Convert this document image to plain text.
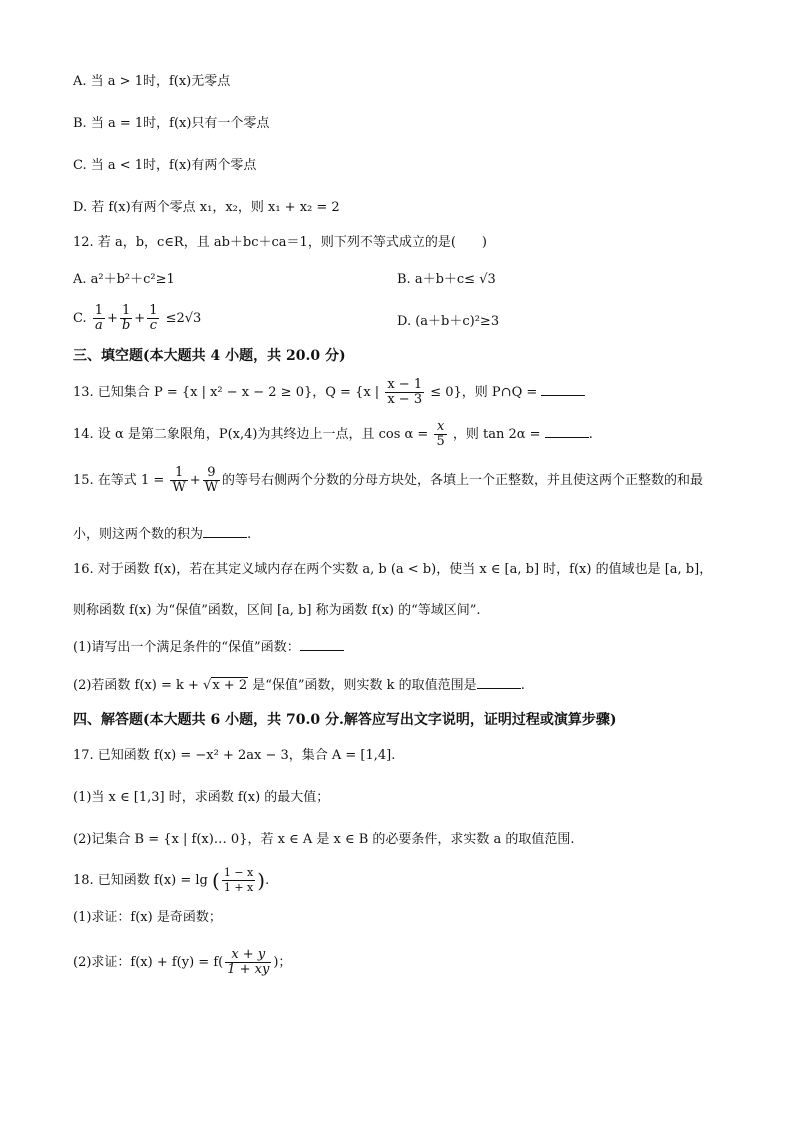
A. 当 a > 1时，f(x)无零点
B. 当 a = 1时，f(x)只有一个零点
C. 当 a < 1时，f(x)有两个零点
D. 若 f(x)有两个零点 x₁，x₂，则 x₁ + x₂ = 2
12. 若 a，b，c∈R，且 ab＋bc＋ca＝1，则下列不等式成立的是(　　)
A. a²＋b²＋c²≥1	B. a＋b＋c≤ √3
C. $\frac{1}{a} + \frac{1}{b} + \frac{1}{c} \le 2√3$	D. (a＋b＋c)²≥3
三、填空题(本大题共 4 小题，共 20.0 分)
13. 已知集合 P = {x | x² − x − 2 ≥ 0}，Q = {x | $\frac{x - 1}{x - 3} \le 0$}，则 P∩Q =
14. 设 α 是第二象限角，P(x,4)为其终边上一点，且 $\cos \alpha = \frac{x}{5}$ ，则 tan 2α =	.
15. 在等式 $1 = \frac{1}{W} + \frac{9}{W}$ 的等号右侧两个分数的分母方块处，各填上一个正整数，并且使这两个正整数的和最
小，则这两个数的积为	.
16. 对于函数 f(x)，若在其定义域内存在两个实数 a, b (a < b)，使当 x ∈ [a, b] 时，f(x) 的值域也是 [a, b]，
则称函数 f(x) 为“保值”函数，区间 [a, b] 称为函数 f(x) 的“等域区间”.
(1)请写出一个满足条件的“保值”函数：
(2)若函数 f(x) = k + √x + 2 是“保值”函数，则实数 k 的取值范围是	.
四、解答题(本大题共 6 小题，共 70.0 分.解答应写出文字说明，证明过程或演算步骤)
17. 已知函数 f(x) = −x² + 2ax − 3，集合 A = [1,4].
(1)当 x ∈ [1,3] 时，求函数 f(x) 的最大值；
(2)记集合 B = {x | f(x)… 0}，若 x ∈ A 是 x ∈ B 的必要条件，求实数 a 的取值范围.
18. 已知函数 f(x) = lg ( $\frac{1 - x}{1 + x}$ ).
(1)求证：f(x) 是奇函数；
(2)求证：$f(x) + f(y) = f( \frac{x + y}{1 + xy}$ )；
